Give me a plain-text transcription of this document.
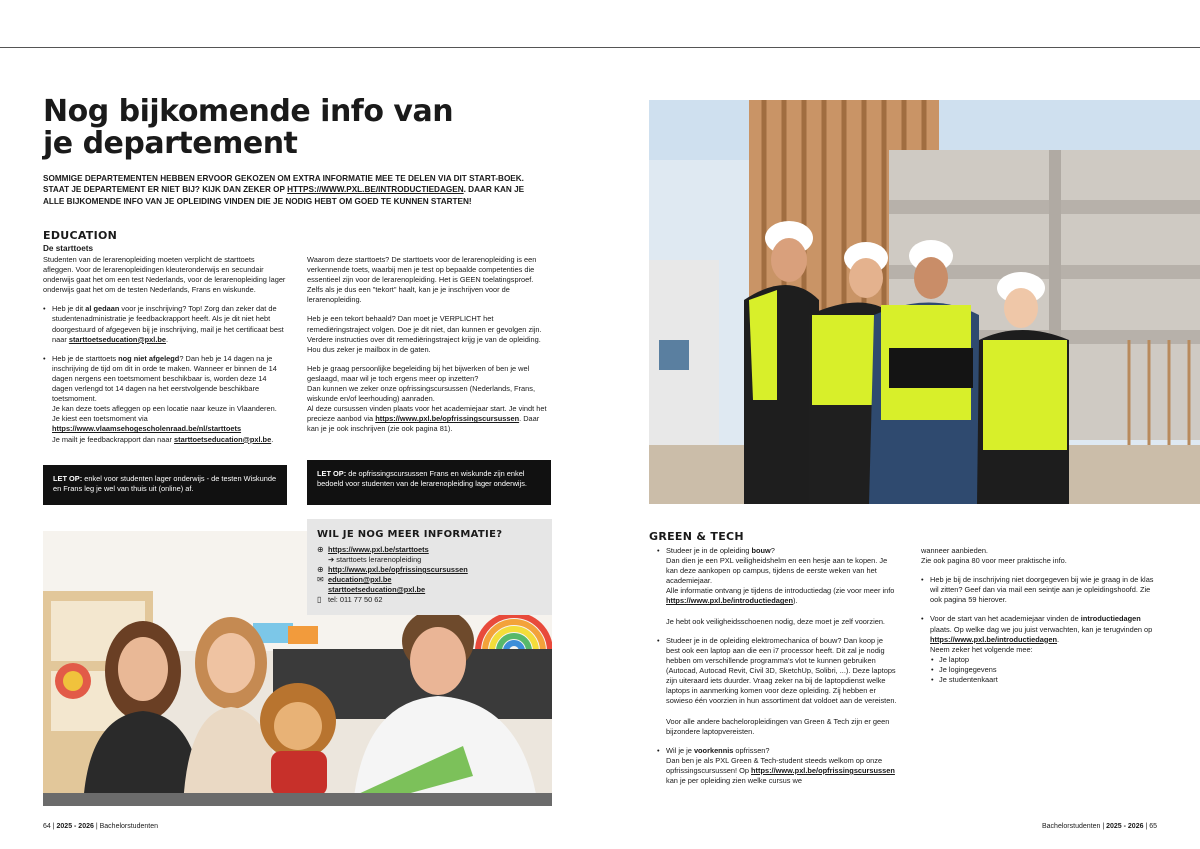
Nog bijkomende info van je departement

SOMMIGE DEPARTEMENTEN HEBBEN ERVOOR GEKOZEN OM EXTRA INFORMATIE MEE TE DELEN VIA DIT START-BOEK. STAAT JE DEPARTEMENT ER NIET BIJ? KIJK DAN ZEKER OP HTTPS://WWW.PXL.BE/INTRODUCTIEDAGEN. DAAR KAN JE ALLE BIJKOMENDE INFO VAN JE OPLEIDING VINDEN DIE JE NODIG HEBT OM GOED TE KUNNEN STARTEN!

EDUCATION
De starttoets

Studenten van de lerarenopleiding moeten verplicht de starttoets afleggen. Voor de lerarenopleidingen kleuteronderwijs en secundair onderwijs gaat het om een test Nederlands, voor de lerarenopleiding lager onderwijs gaat het om de testen Nederlands, Frans en wiskunde.

• Heb je dit al gedaan voor je inschrijving? Top! Zorg dan zeker dat de studentenadministratie je feedbackrapport heeft. Als je dit niet hebt doorgestuurd of afgegeven bij je inschrijving, mail je het certificaat best naar starttoetseducation@pxl.be.
• Heb je de starttoets nog niet afgelegd? Dan heb je 14 dagen na je inschrijving de tijd om dit in orde te maken. Wanneer er binnen de 14 dagen nergens een toetsmoment beschikbaar is, worden deze 14 dagen verlengd tot 14 dagen na het eerstvolgende beschikbare toetsmoment.
Je kan deze toets afleggen op een locatie naar keuze in Vlaanderen. Je kiest een toetsmoment via https://www.vlaamsehogescholenraad.be/nl/starttoets
Je mailt je feedbackrapport dan naar starttoetseducation@pxl.be.

Waarom deze starttoets? De starttoets voor de lerarenopleiding is een verkennende toets, waarbij men je test op bepaalde competenties die essentieel zijn voor de lerarenopleiding. Het is GEEN toelatingsproef. Zelfs als je dus een "tekort" haalt, kan je je inschrijven voor de lerarenopleiding.

Heb je een tekort behaald? Dan moet je VERPLICHT het remediëringstraject volgen. Doe je dit niet, dan kunnen er gevolgen zijn. Verdere instructies over dit remediëringstraject krijg je van de opleiding. Hou dus zeker je mailbox in de gaten.

Heb je graag persoonlijke begeleiding bij het bijwerken of ben je wel geslaagd, maar wil je toch ergens meer op inzetten?
Dan kunnen we zeker onze opfrissingscursussen (Nederlands, Frans, wiskunde en/of leerhouding) aanraden.
Al deze cursussen vinden plaats voor het academiejaar start. Je vindt het precieze aanbod via https://www.pxl.be/opfrissingscursussen. Daar kan je je ook inschrijven (zie ook pagina 81).

LET OP: enkel voor studenten lager onderwijs - de testen Wiskunde en Frans leg je wel van thuis uit (online) af.
LET OP: de opfrissingscursussen Frans en wiskunde zijn enkel bedoeld voor studenten van de lerarenopleiding lager onderwijs.
WIL JE NOG MEER INFORMATIE?
⊕ https://www.pxl.be/starttoets
➔ starttoets lerarenopleiding
⊕ http://www.pxl.be/opfrissingscursussen
✉ education@pxl.be
starttoetseducation@pxl.be
▯ tel: 011 77 50 62
GREEN & TECH
• Studeer je in de opleiding bouw?
Dan dien je een PXL veiligheidshelm en een hesje aan te kopen. Je kan deze aankopen op campus, tijdens de eerste weken van het academiejaar.
Alle informatie ontvang je tijdens de introductiedag (zie voor meer info https://www.pxl.be/introductiedagen).

Je hebt ook veiligheidsschoenen nodig, deze moet je zelf voorzien.
• Studeer je in de opleiding elektromechanica of bouw? Dan koop je best ook een laptop aan die een i7 processor heeft. Dit zal je nodig hebben om verschillende programma's vlot te kunnen gebruiken (Autocad, Autocad Revit, Civil 3D, SketchUp, Solibri, ...). Deze laptops zijn uiteraard iets duurder. Vraag zeker na bij de laptopdienst welke laptops in aanmerking komen voor deze opleiding. Zij hebben er sowieso één voorzien in hun assortiment dat voldoet aan de vereisten.

Voor alle andere bacheloropleidingen van Green & Tech zijn er geen bijzondere laptopvereisten.
• Wil je je voorkennis opfrissen?
Dan ben je als PXL Green & Tech-student steeds welkom op onze opfrissingscursussen! Op https://www.pxl.be/opfrissingscursussen kan je per opleiding zien welke cursus we

wanneer aanbieden.
Zie ook pagina 80 voor meer praktische info.

• Heb je bij de inschrijving niet doorgegeven bij wie je graag in de klas wil zitten? Geef dan via mail een seintje aan je opleidingshoofd. Zie ook pagina 59 hierover.
• Voor de start van het academiejaar vinden de introductiedagen plaats. Op welke dag we jou juist verwachten, kan je terugvinden op https://www.pxl.be/introductiedagen.
Neem zeker het volgende mee:
• Je laptop
• Je logingegevens
• Je studentenkaart
64 | 2025 - 2026 | Bachelorstudenten	Bachelorstudenten | 2025 - 2026 | 65
